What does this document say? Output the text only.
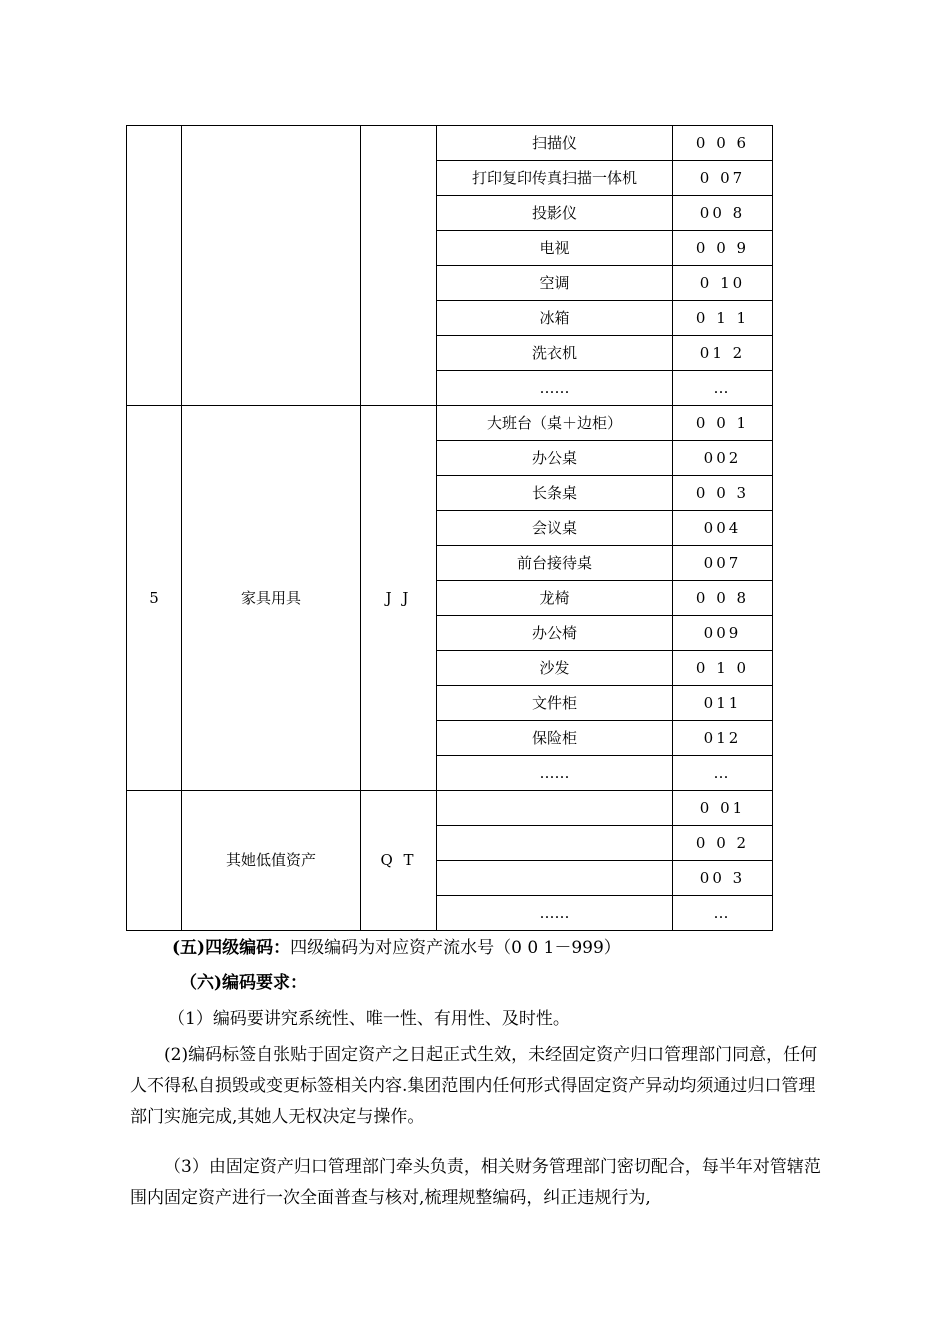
			扫描仪	0 0 6
			打印复印传真扫描一体机	0 07
			投影仪	00 8
			电视	0 0 9
			空调	0 10
			冰箱	0 1 1
			洗衣机	01 2
			……	…
5	家具用具	J J	大班台（桌＋边柜）	0 0 1
			办公桌	002
			长条桌	0 0 3
			会议桌	004
			前台接待桌	007
			龙椅	0 0 8
			办公椅	009
			沙发	0 1 0
			文件柜	011
			保险柜	012
			……	…
	其她低值资产	Q T		0 01
				0 0 2
				00 3
			……	…
(五)四级编码：四级编码为对应资产流水号（0 0 1－999）
（六)编码要求：
（1）编码要讲究系统性、唯一性、有用性、及时性。
(2)编码标签自张贴于固定资产之日起正式生效，未经固定资产归口管理部门同意，任何人不得私自损毁或变更标签相关内容.集团范围内任何形式得固定资产异动均须通过归口管理部门实施完成,其她人无权决定与操作。
（3）由固定资产归口管理部门牵头负责，相关财务管理部门密切配合，每半年对管辖范围内固定资产进行一次全面普查与核对,梳理规整编码，纠正违规行为,
